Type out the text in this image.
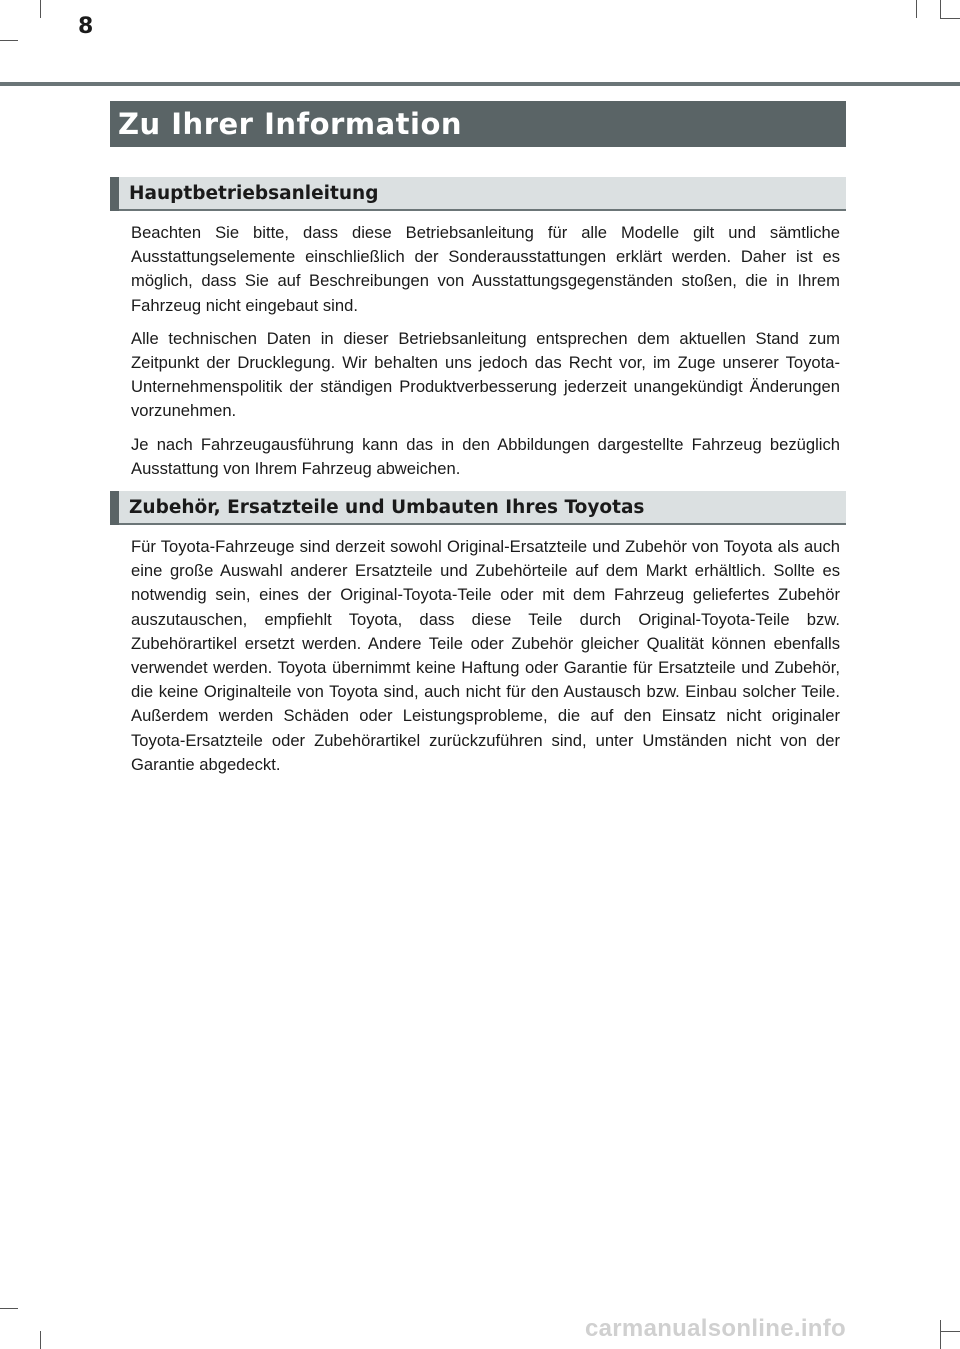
8
Zu Ihrer Information
Hauptbetriebsanleitung

Beachten Sie bitte, dass diese Betriebsanleitung für alle Modelle gilt und sämtliche Ausstattungselemente einschließlich der Sonderausstattungen erklärt werden. Daher ist es möglich, dass Sie auf Beschreibungen von Ausstattungsgegenständen stoßen, die in Ihrem Fahrzeug nicht eingebaut sind.

Alle technischen Daten in dieser Betriebsanleitung entsprechen dem aktuellen Stand zum Zeitpunkt der Drucklegung. Wir behalten uns jedoch das Recht vor, im Zuge unserer Toyota-Unternehmenspolitik der ständigen Produktverbesserung jederzeit unangekündigt Änderungen vorzunehmen.

Je nach Fahrzeugausführung kann das in den Abbildungen dargestellte Fahrzeug bezüglich Ausstattung von Ihrem Fahrzeug abweichen.

Zubehör, Ersatzteile und Umbauten Ihres Toyotas

Für Toyota-Fahrzeuge sind derzeit sowohl Original-Ersatzteile und Zubehör von Toyota als auch eine große Auswahl anderer Ersatzteile und Zubehörteile auf dem Markt erhältlich. Sollte es notwendig sein, eines der Original-Toyota-Teile oder mit dem Fahrzeug geliefertes Zubehör auszutauschen, empfiehlt Toyota, dass diese Teile durch Original-Toyota-Teile bzw. Zubehörartikel ersetzt werden. Andere Teile oder Zubehör gleicher Qualität können ebenfalls verwendet werden. Toyota übernimmt keine Haftung oder Garantie für Ersatzteile und Zubehör, die keine Originalteile von Toyota sind, auch nicht für den Austausch bzw. Einbau solcher Teile. Außerdem werden Schäden oder Leistungsprobleme, die auf den Einsatz nicht originaler Toyota-Ersatzteile oder Zubehörartikel zurückzuführen sind, unter Umständen nicht von der Garantie abgedeckt.

carmanualsonline.info
